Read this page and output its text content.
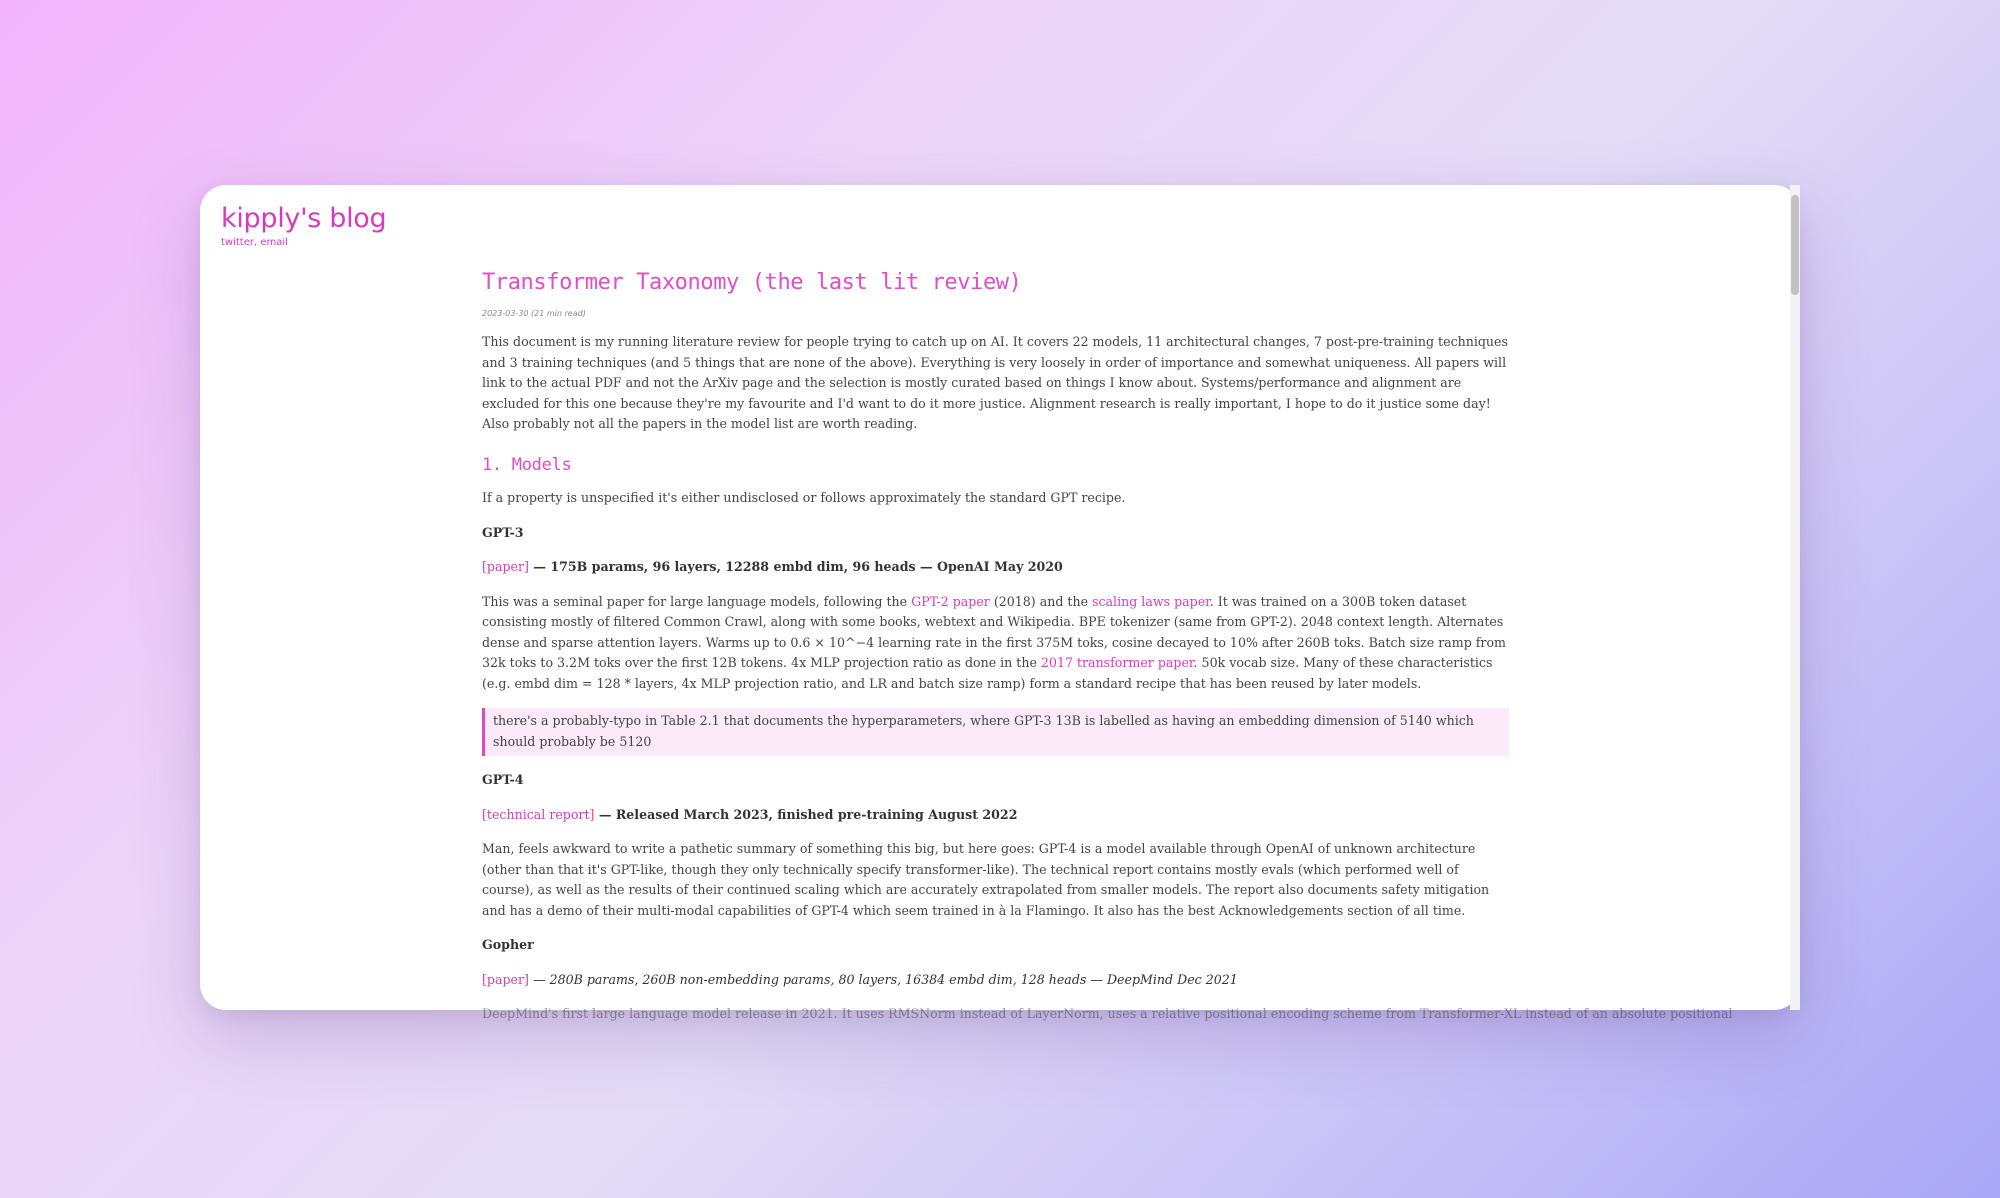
kipply's blog
twitter, email
Transformer Taxonomy (the last lit review)
2023-03-30 (21 min read)

This document is my running literature review for people trying to catch up on AI. It covers 22 models, 11 architectural changes, 7 post-pre-training techniques and 3 training techniques (and 5 things that are none of the above). Everything is very loosely in order of importance and somewhat uniqueness. All papers will link to the actual PDF and not the ArXiv page and the selection is mostly curated based on things I know about. Systems/performance and alignment are excluded for this one because they're my favourite and I'd want to do it more justice. Alignment research is really important, I hope to do it justice some day! Also probably not all the papers in the model list are worth reading.

1. Models

If a property is unspecified it's either undisclosed or follows approximately the standard GPT recipe.

GPT-3

[paper] — 175B params, 96 layers, 12288 embd dim, 96 heads — OpenAI May 2020

This was a seminal paper for large language models, following the GPT-2 paper (2018) and the scaling laws paper. It was trained on a 300B token dataset consisting mostly of filtered Common Crawl, along with some books, webtext and Wikipedia. BPE tokenizer (same from GPT-2). 2048 context length. Alternates dense and sparse attention layers. Warms up to 0.6 × 10^−4 learning rate in the first 375M toks, cosine decayed to 10% after 260B toks. Batch size ramp from 32k toks to 3.2M toks over the first 12B tokens. 4x MLP projection ratio as done in the 2017 transformer paper. 50k vocab size. Many of these characteristics (e.g. embd dim = 128 * layers, 4x MLP projection ratio, and LR and batch size ramp) form a standard recipe that has been reused by later models.

there's a probably-typo in Table 2.1 that documents the hyperparameters, where GPT-3 13B is labelled as having an embedding dimension of 5140 which should probably be 5120

GPT-4

[technical report] — Released March 2023, finished pre-training August 2022

Man, feels awkward to write a pathetic summary of something this big, but here goes: GPT-4 is a model available through OpenAI of unknown architecture (other than that it's GPT-like, though they only technically specify transformer-like). The technical report contains mostly evals (which performed well of course), as well as the results of their continued scaling which are accurately extrapolated from smaller models. The report also documents safety mitigation and has a demo of their multi-modal capabilities of GPT-4 which seem trained in à la Flamingo. It also has the best Acknowledgements section of all time.

Gopher

[paper] — 280B params, 260B non-embedding params, 80 layers, 16384 embd dim, 128 heads — DeepMind Dec 2021

DeepMind's first large language model release in 2021. It uses RMSNorm instead of LayerNorm, uses a relative positional encoding scheme from Transformer-XL instead of an absolute positional
